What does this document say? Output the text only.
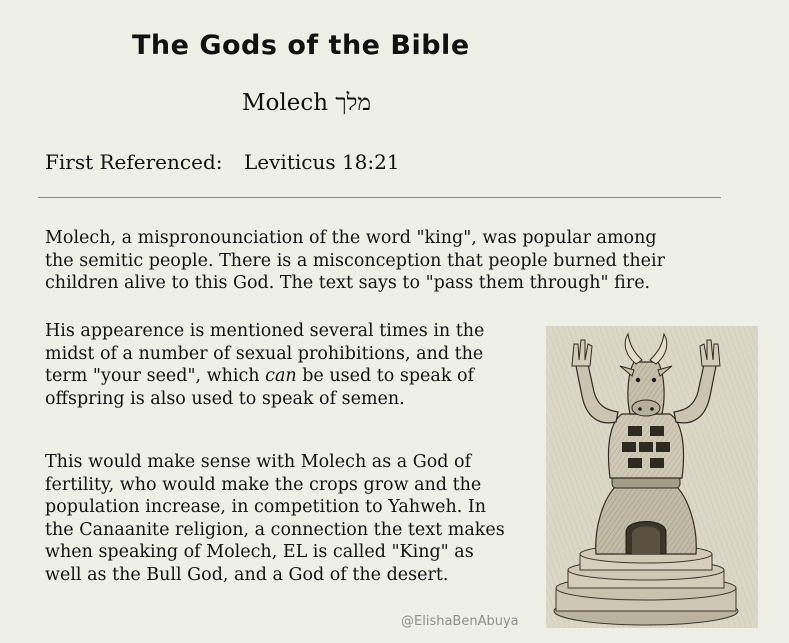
The Gods of the Bible
Molech מלך
First Referenced: Leviticus 18:21

Molech, a mispronounciation of the word "king", was popular among
the semitic people. There is a misconception that people burned their
children alive to this God. The text says to "pass them through" fire.

His appearence is mentioned several times in the
midst of a number of sexual prohibitions, and the
term "your seed", which can be used to speak of
offspring is also used to speak of semen.

This would make sense with Molech as a God of
fertility, who would make the crops grow and the
population increase, in competition to Yahweh. In
the Canaanite religion, a connection the text makes
when speaking of Molech, EL is called "King" as
well as the Bull God, and a God of the desert.

@ElishaBenAbuya
